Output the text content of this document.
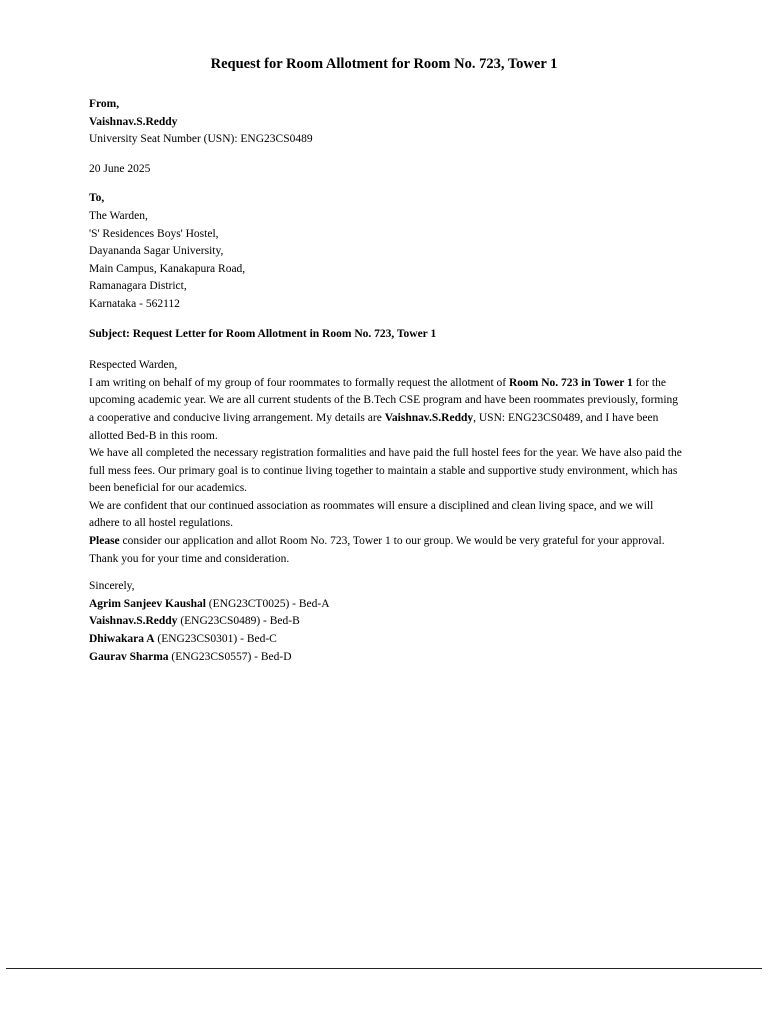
Request for Room Allotment for Room No. 723, Tower 1
From,
Vaishnav.S.Reddy
University Seat Number (USN): ENG23CS0489
20 June 2025
To,
The Warden,
'S' Residences Boys' Hostel,
Dayananda Sagar University,
Main Campus, Kanakapura Road,
Ramanagara District,
Karnataka - 562112
Subject: Request Letter for Room Allotment in Room No. 723, Tower 1
Respected Warden,

I am writing on behalf of my group of four roommates to formally request the allotment of Room No. 723 in Tower 1 for the upcoming academic year. We are all current students of the B.Tech CSE program and have been roommates previously, forming a cooperative and conducive living arrangement. My details are Vaishnav.S.Reddy, USN: ENG23CS0489, and I have been allotted Bed-B in this room.

We have all completed the necessary registration formalities and have paid the full hostel fees for the year. We have also paid the full mess fees. Our primary goal is to continue living together to maintain a stable and supportive study environment, which has been beneficial for our academics.

We are confident that our continued association as roommates will ensure a disciplined and clean living space, and we will adhere to all hostel regulations.

Please consider our application and allot Room No. 723, Tower 1 to our group. We would be very grateful for your approval.

Thank you for your time and consideration.

Sincerely,
Agrim Sanjeev Kaushal (ENG23CT0025) - Bed-A
Vaishnav.S.Reddy (ENG23CS0489) - Bed-B
Dhiwakara A (ENG23CS0301) - Bed-C
Gaurav Sharma (ENG23CS0557) - Bed-D
